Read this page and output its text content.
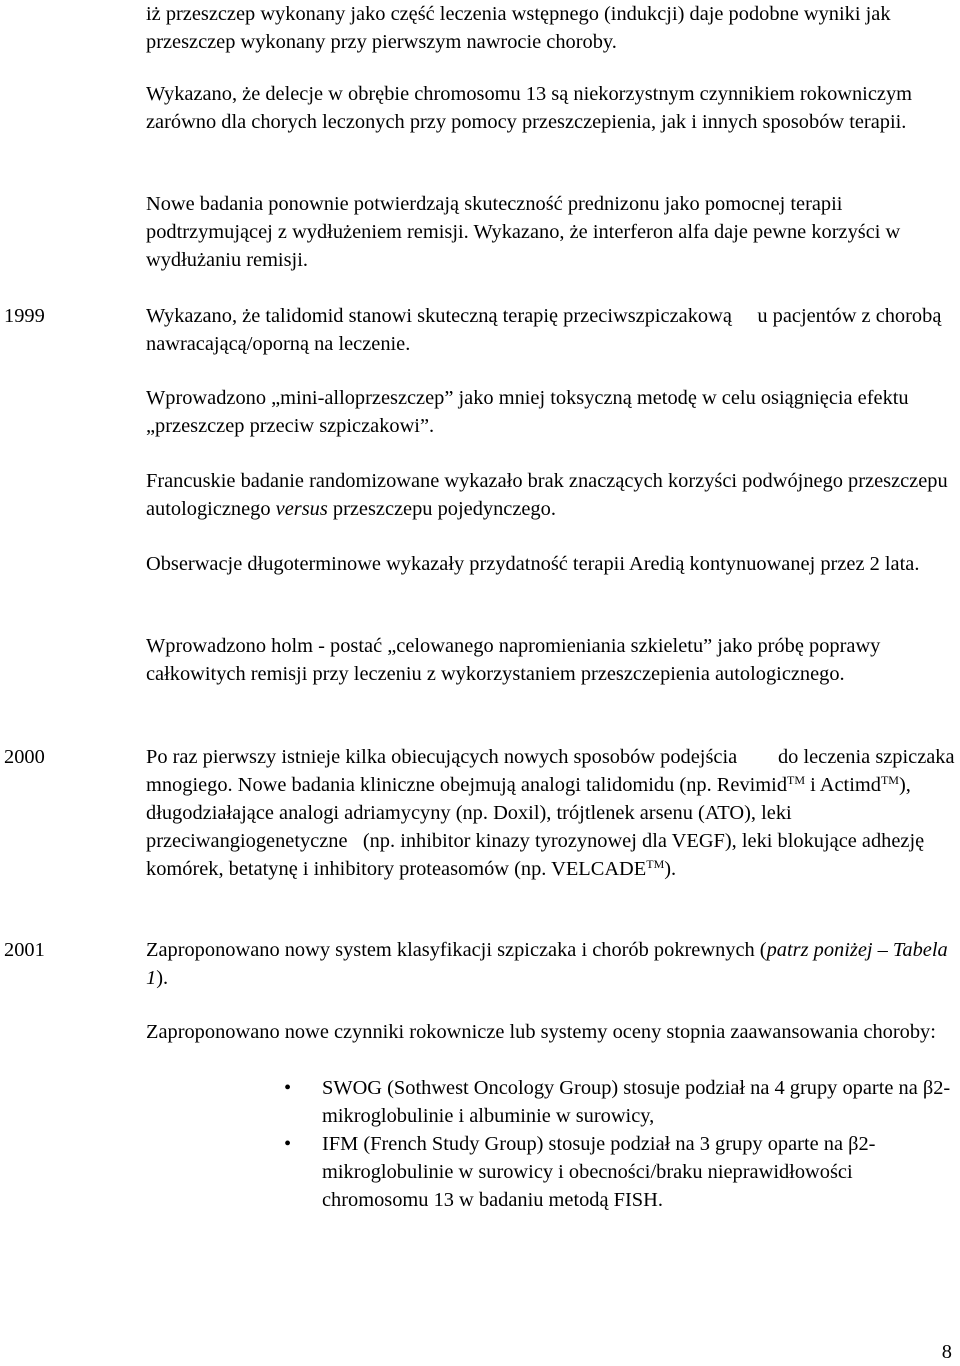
iż przeszczep wykonany jako część leczenia wstępnego (indukcji) daje podobne wyniki jak przeszczep wykonany przy pierwszym nawrocie choroby.

Wykazano, że delecje w obrębie chromosomu 13 są niekorzystnym czynnikiem rokowniczym zarówno dla chorych leczonych przy pomocy przeszczepienia, jak i innych sposobów terapii.

Nowe badania ponownie potwierdzają skuteczność prednizonu jako pomocnej terapii podtrzymującej z wydłużeniem remisji. Wykazano, że interferon alfa daje pewne korzyści w wydłużaniu remisji.

1999	Wykazano, że talidomid stanowi skuteczną terapię przeciwszpiczakową     u pacjentów z chorobą nawracającą/oporną na leczenie.

Wprowadzono „mini-alloprzeszczep” jako mniej toksyczną metodę w celu osiągnięcia efektu „przeszczep przeciw szpiczakowi”.

Francuskie badanie randomizowane wykazało brak znaczących korzyści podwójnego przeszczepu autologicznego versus przeszczepu pojedynczego.

Obserwacje długoterminowe wykazały przydatność terapii Aredią kontynuowanej przez 2 lata.

Wprowadzono holm - postać „celowanego napromieniania szkieletu” jako próbę poprawy całkowitych remisji przy leczeniu z wykorzystaniem przeszczepienia autologicznego.

2000	Po raz pierwszy istnieje kilka obiecujących nowych sposobów podejścia        do leczenia szpiczaka mnogiego. Nowe badania kliniczne obejmują analogi talidomidu (np. Revimid™ i Actimd™), długodziałające analogi adriamycyny (np. Doxil), trójtlenek arsenu (ATO), leki przeciwangiogenetyczne   (np. inhibitor kinazy tyrozynowej dla VEGF), leki blokujące adhezję komórek, betatynę i inhibitory proteasomów (np. VELCADE™).

2001	Zaproponowano nowy system klasyfikacji szpiczaka i chorób pokrewnych (patrz poniżej – Tabela 1).

Zaproponowano nowe czynniki rokownicze lub systemy oceny stopnia zaawansowania choroby:

• SWOG (Sothwest Oncology Group) stosuje podział na 4 grupy oparte na β2-mikroglobulinie i albuminie w surowicy,
• IFM (French Study Group) stosuje podział na 3 grupy oparte na β2-mikroglobulinie w surowicy i obecności/braku nieprawidłowości chromosomu 13 w badaniu metodą FISH.
8
